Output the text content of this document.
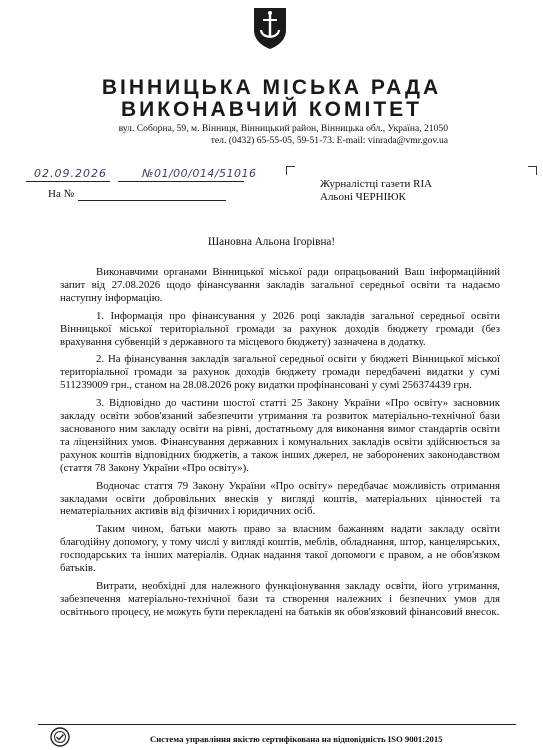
ВІННИЦЬКА МІСЬКА РАДА
ВИКОНАВЧИЙ КОМІТЕТ
вул. Соборна, 59, м. Вінниця, Вінницький район, Вінницька обл., Україна, 21050
тел. (0432) 65-55-05, 59-51-73. E-mail: vinrada@vmr.gov.ua
02.09.2026	№01/00/014/51016
На №
Журналістці газети RIA
Альоні ЧЕРНІЮК
Шановна Альона Ігорівна!

Виконавчими органами Вінницької міської ради опрацьований Ваш інформаційний запит від 27.08.2026 щодо фінансування закладів загальної середньої освіти та надаємо наступну інформацію.

1. Інформація про фінансування у 2026 році закладів загальної середньої освіти Вінницької міської територіальної громади за рахунок доходів бюджету громади (без врахування субвенцій з державного та місцевого бюджету) зазначена в додатку.

2. На фінансування закладів загальної середньої освіти у бюджеті Вінницької міської територіальної громади за рахунок доходів бюджету громади передбачені видатки у сумі 511239009 грн., станом на 28.08.2026 року видатки профінансовані у сумі 256374439 грн.

3. Відповідно до частини шостої статті 25 Закону України «Про освіту» засновник закладу освіти зобов'язаний забезпечити утримання та розвиток матеріально-технічної бази заснованого ним закладу освіти на рівні, достатньому для виконання вимог стандартів освіти та ліцензійних умов. Фінансування державних і комунальних закладів освіти здійснюється за рахунок коштів відповідних бюджетів, а також інших джерел, не заборонених законодавством (стаття 78 Закону України «Про освіту»).

Водночас стаття 79 Закону України «Про освіту» передбачає можливість отримання закладами освіти добровільних внесків у вигляді коштів, матеріальних цінностей та нематеріальних активів від фізичних і юридичних осіб.

Таким чином, батьки мають право за власним бажанням надати закладу освіти благодійну допомогу, у тому числі у вигляді коштів, меблів, обладнання, штор, канцелярських, господарських та інших матеріалів. Однак надання такої допомоги є правом, а не обов'язком батьків.

Витрати, необхідні для належного функціонування закладу освіти, його утримання, забезпечення матеріально-технічної бази та створення належних і безпечних умов для освітнього процесу, не можуть бути перекладені на батьків як обов'язковий фінансовий внесок.

Система управління якістю сертифікована на відповідність ISO 9001:2015
